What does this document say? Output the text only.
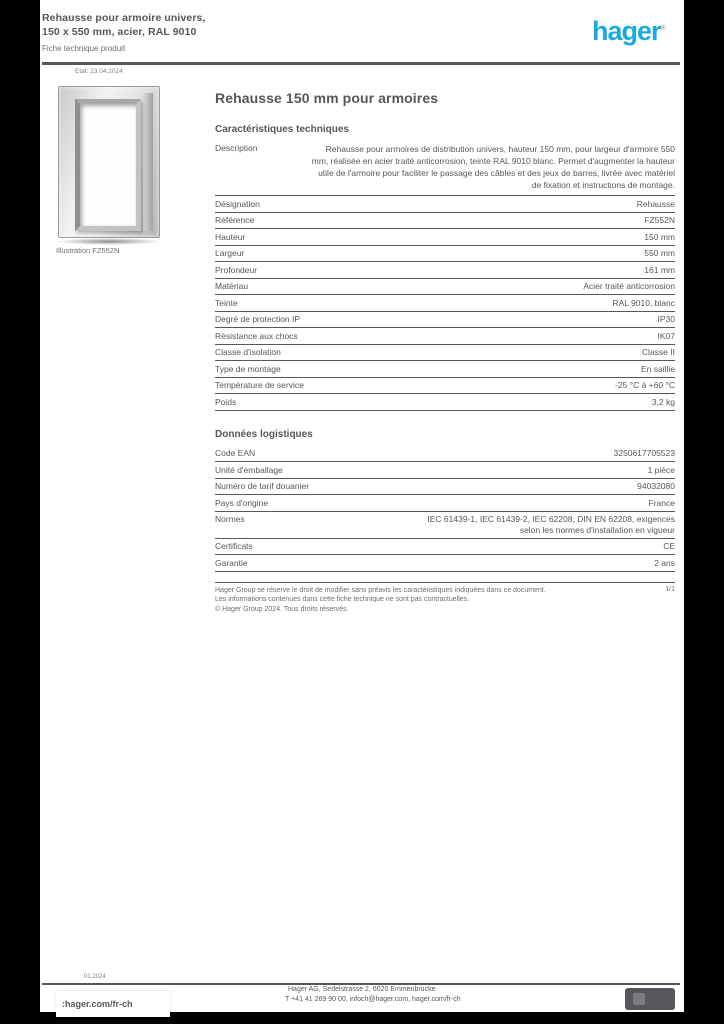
Rehausse pour armoire univers,
150 x 550 mm, acier, RAL 9010
Fiche technique produit
hager®
Etat: 23.04.2024
Illustration FZ552N
Rehausse 150 mm pour armoires
Caractéristiques techniques
Description	Rehausse pour armoires de distribution univers, hauteur 150 mm, pour largeur d'armoire 550 mm, réalisée en acier traité anticorrosion, teinte RAL 9010 blanc. Permet d'augmenter la hauteur utile de l'armoire pour faciliter le passage des câbles et des jeux de barres, livrée avec matériel de fixation et instructions de montage.
Désignation	Rehausse
Référence	FZ552N
Hauteur	150 mm
Largeur	550 mm
Profondeur	161 mm
Matériau	Acier traité anticorrosion
Teinte	RAL 9010, blanc
Degré de protection IP	IP30
Résistance aux chocs	IK07
Classe d'isolation	Classe II
Type de montage	En saillie
Température de service	-25 °C à +60 °C
Poids	3,2 kg
Données logistiques
Code EAN	3250617705523
Unité d'emballage	1 pièce
Numéro de tarif douanier	94032080
Pays d'origine	France
Normes	IEC 61439-1, IEC 61439-2, IEC 62208, DIN EN 62208, exigences selon les normes d'installation en vigueur
Certificats	CE
Garantie	2 ans
Hager Group se réserve le droit de modifier sans préavis les caractéristiques indiquées dans ce document.	1/1
Les informations contenues dans cette fiche technique ne sont pas contractuelles.
© Hager Group 2024. Tous droits réservés.
01.2024
Hager AG, Sedelstrasse 2, 6020 Emmenbrücke
T +41 41 269 90 00, infoch@hager.com, hager.com/fr-ch
:hager.com/fr-ch
